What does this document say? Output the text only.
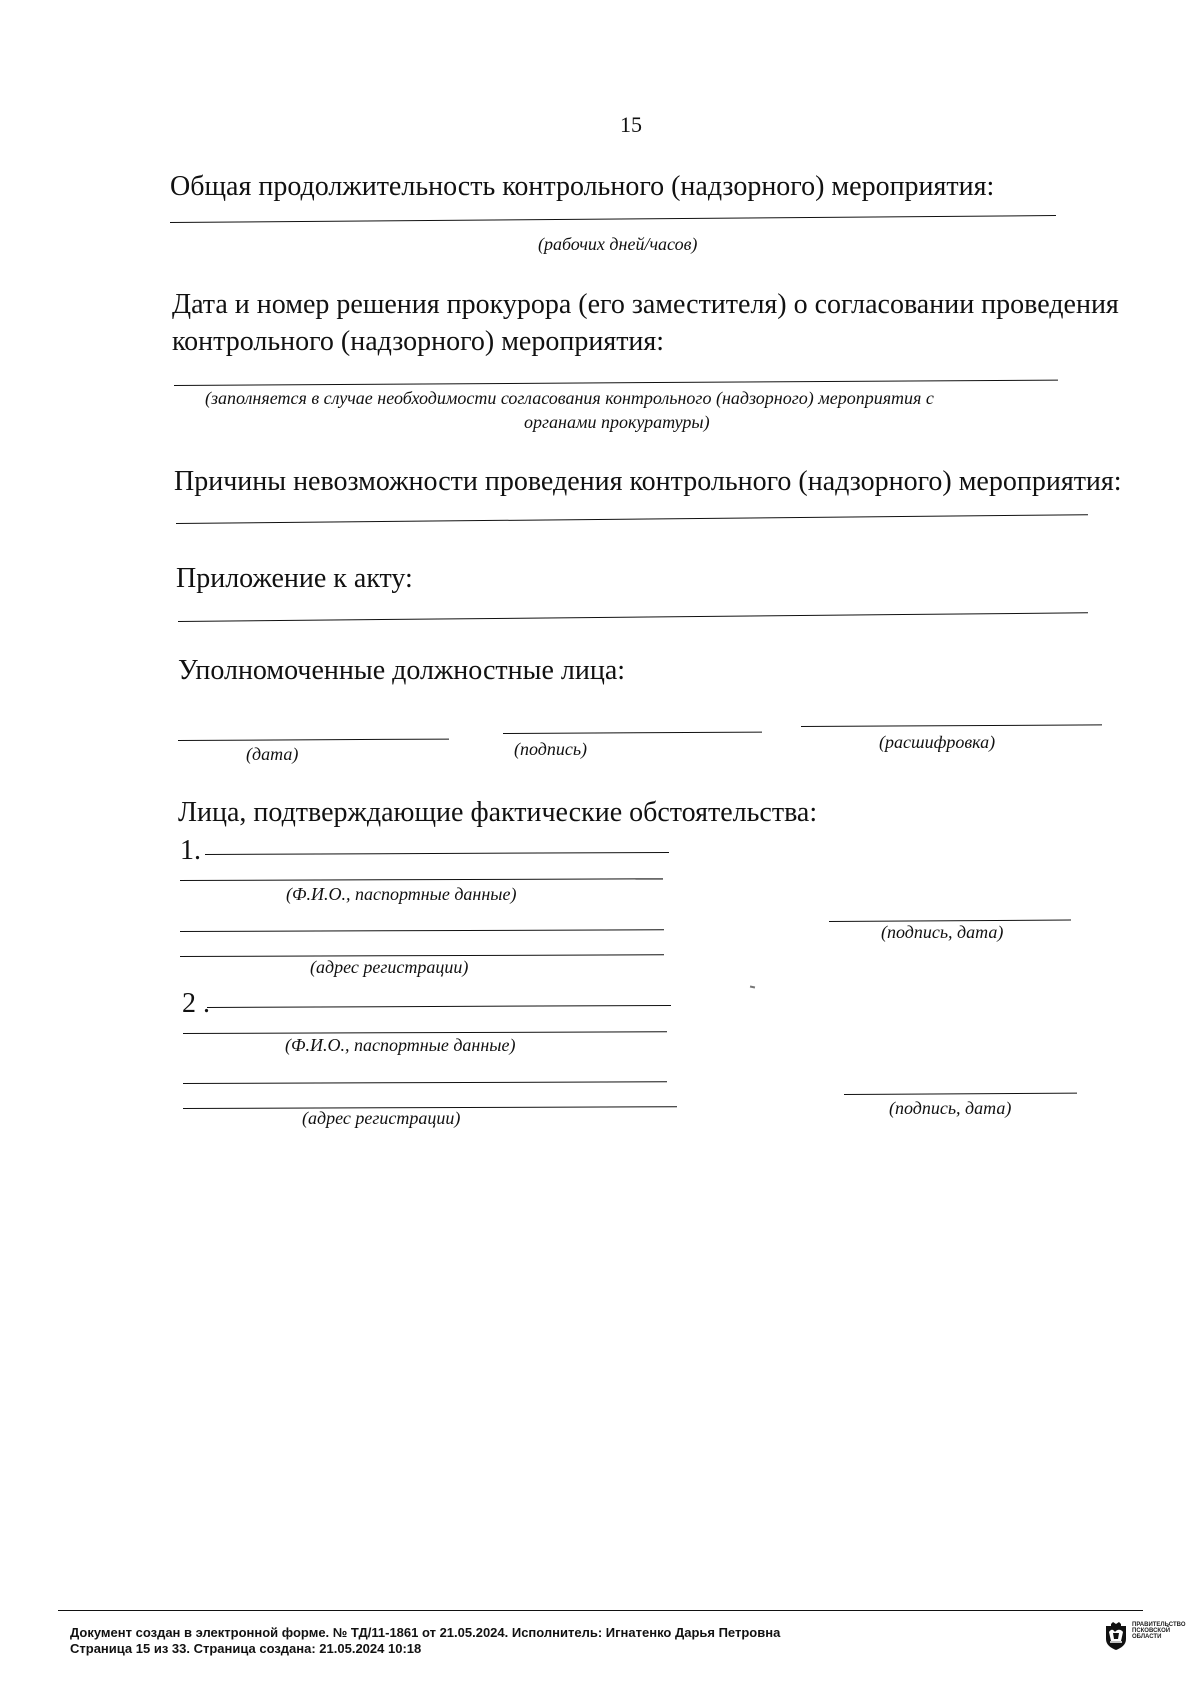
15
Общая продолжительность контрольного (надзорного) мероприятия:
(рабочих дней/часов)
Дата и номер решения прокурора (его заместителя) о согласовании проведения
контрольного (надзорного) мероприятия:
(заполняется в случае необходимости согласования контрольного (надзорного) мероприятия с
органами прокуратуры)
Причины невозможности проведения контрольного (надзорного) мероприятия:
Приложение к акту:
Уполномоченные должностные лица:
(дата)	(подпись)	(расшифровка)
Лица, подтверждающие фактические обстоятельства:
1.
(Ф.И.О., паспортные данные)
(адрес регистрации)
(подпись, дата)
2 .
(Ф.И.О., паспортные данные)
(адрес регистрации)	(подпись, дата)
Документ создан в электронной форме. № ТД/11-1861 от 21.05.2024. Исполнитель: Игнатенко Дарья Петровна
Страница 15 из 33. Страница создана: 21.05.2024 10:18
ПРАВИТЕЛЬСТВО
ПСКОВСКОЙ
ОБЛАСТИ
